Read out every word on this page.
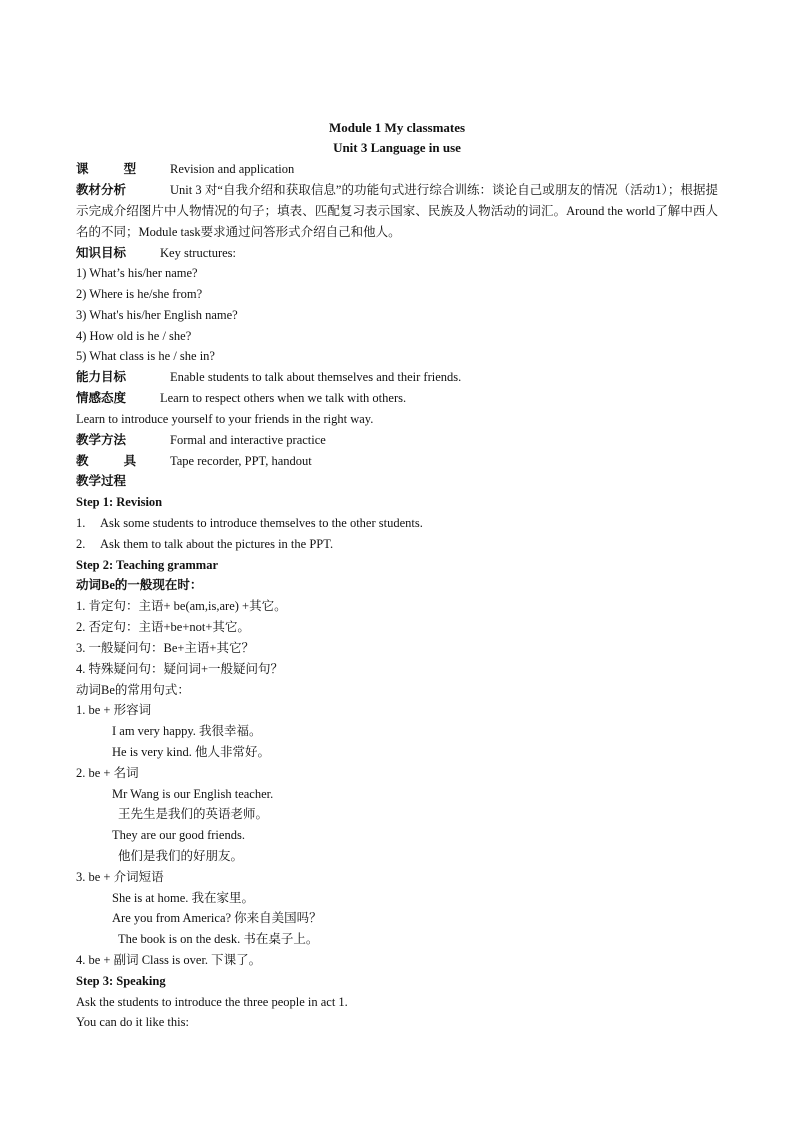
Module 1 My classmates
Unit 3 Language in use
课 型 Revision and application
教材分析	Unit 3 对“自我介绍和获取信息”的功能句式进行综合训练：谈论自己或朋友的情况（活动1）；根据提示完成介绍图片中人物情况的句子；填表、匹配复习表示国家、民族及人物活动的词汇。Around the world了解中西人名的不同；Module task要求通过问答形式介绍自己和他人。
知识目标	Key structures:
1) What’s his/her name?
2) Where is he/she from?
3) What's his/her English name?
4) How old is he / she?
5) What class is he / she in?
能力目标	Enable students to talk about themselves and their friends.
情感态度	Learn to respect others when we talk with others.
Learn to introduce yourself to your friends in the right way.
教学方法	Formal and interactive practice
教 具 Tape recorder, PPT, handout
教学过程
Step 1: Revision
1. Ask some students to introduce themselves to the other students.
2. Ask them to talk about the pictures in the PPT.
Step 2: Teaching grammar
动词Be的一般现在时：
1. 肯定句：主语+ be(am,is,are) +其它。
2. 否定句：主语+be+not+其它。
3. 一般疑问句：Be+主语+其它？
4. 特殊疑问句：疑问词+一般疑问句？
动词Be的常用句式：
1. be + 形容词
I am very happy. 我很幸福。
He is very kind. 他人非常好。
2. be + 名词
Mr Wang is our English teacher.
王先生是我们的英语老师。
They are our good friends.
他们是我们的好朋友。
3. be + 介词短语
She is at home. 我在家里。
Are you from America? 你来自美国吗？
The book is on the desk. 书在桌子上。
4. be + 副词 Class is over. 下课了。
Step 3: Speaking
Ask the students to introduce the three people in act 1.
You can do it like this:
